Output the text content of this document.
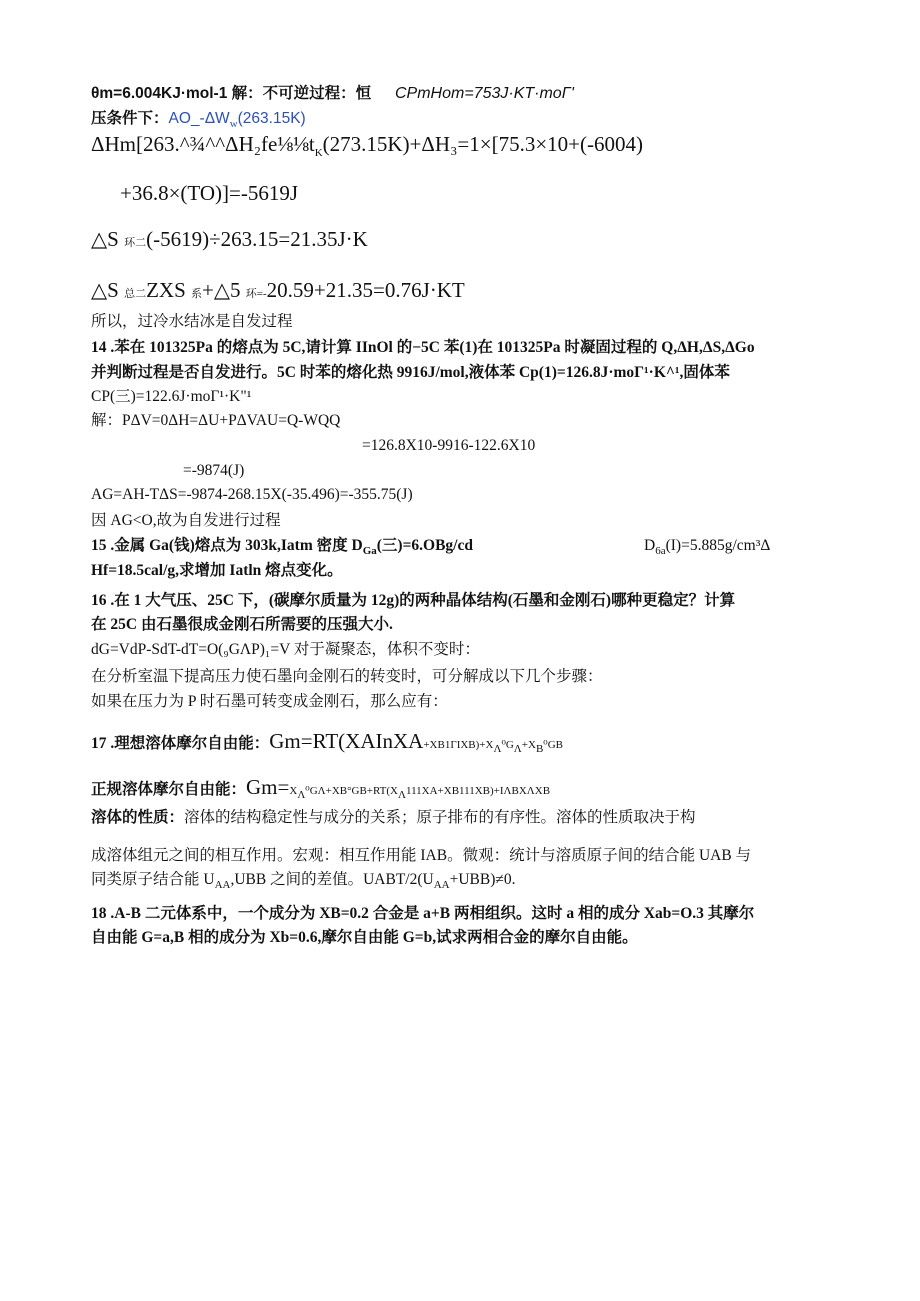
θm=6.004KJ·mol-1 解：不可逆过程：恒 CPmHom=753J·KT·moΓ'
压条件下：$AO\_-\Delta W_w(263.15K)$
$\Delta Hm[263.\^{}\frac{3}{4}\^{}\^{}\Delta H_2fe\frac{1}{8}\frac{1}{8}t_K(273.15K)+\Delta H_3=1\times[75.3\times 10+(-6004)$
+36.8×(TO)]=-5619J
△S 环二(-5619)÷263.15=21.35J·K
△S 总二ZXS 系+△5 环=-20.59+21.35=0.76J·KT
所以，过冷水结冰是自发过程
14 .苯在 101325Pa 的熔点为 5C,请计算 IInOl 的−5C 苯(1)在 101325Pa 时凝固过程的 Q,ΔH,ΔS,ΔGo
并判断过程是否自发进行。5C 时苯的熔化热 9916J/mol,液体苯 Cp(1)=126.8J·moΓ¹·K^¹,固体苯
CP(三)=122.6J·moΓ¹·K"¹
解：PΔV=0ΔH=ΔU+PΔVAU=Q-WQQ
=126.8X10-9916-122.6X10
=-9874(J)
AG=AH-TΔS=-9874-268.15X(-35.496)=-355.75(J)
因 AG<O,故为自发进行过程
15 .金属 Ga(钱)熔点为 303k,Iatm 密度 $D_{Ga}$(三)=6.OBg/cd	$D_{6a}(I)=5.885g$/cm³Δ
Hf=18.5cal/g,求增加 Iatln 熔点变化。
16 .在 1 大气压、25C 下，(碳摩尔质量为 12g)的两种晶体结构(石墨和金刚石)哪种更稳定？计算
在 25C 由石墨很成金刚石所需要的压强大小.
dG=VdP-SdT-dT=O(₉GΛP)₁=V 对于凝聚态，体积不变时：
在分析室温下提高压力使石墨向金刚石的转变时，可分解成以下几个步骤：
如果在压力为 P 时石墨可转变成金刚石，那么应有：
17 .理想溶体摩尔自由能：$Gm=RT(XAInXA+XB1\Gamma IXB)+X_\Lambda^0G_\Lambda+X_B^0GB$
正规溶体摩尔自由能：$Gm=X_\Lambda^0G\Lambda+XB^\circ GB+RT(X_\Lambda 111XA+XB111XB)+I\Lambda BX\Lambda XB$
溶体的性质：溶体的结构稳定性与成分的关系；原子排布的有序性。溶体的性质取决于构
成溶体组元之间的相互作用。宏观：相互作用能 IAB。微观：统计与溶质原子间的结合能 UAB 与
同类原子结合能 $U_{AA},UBB$ 之间的差值。UABT/$2(U_{AA}+UBB)\ne 0$.
18 .A-B 二元体系中，一个成分为 XB=0.2 合金是 a+B 两相组织。这时 a 相的成分 Xab=O.3 其摩尔
自由能 G=a,B 相的成分为 Xb=0.6,摩尔自由能 G=b,试求两相合金的摩尔自由能。
